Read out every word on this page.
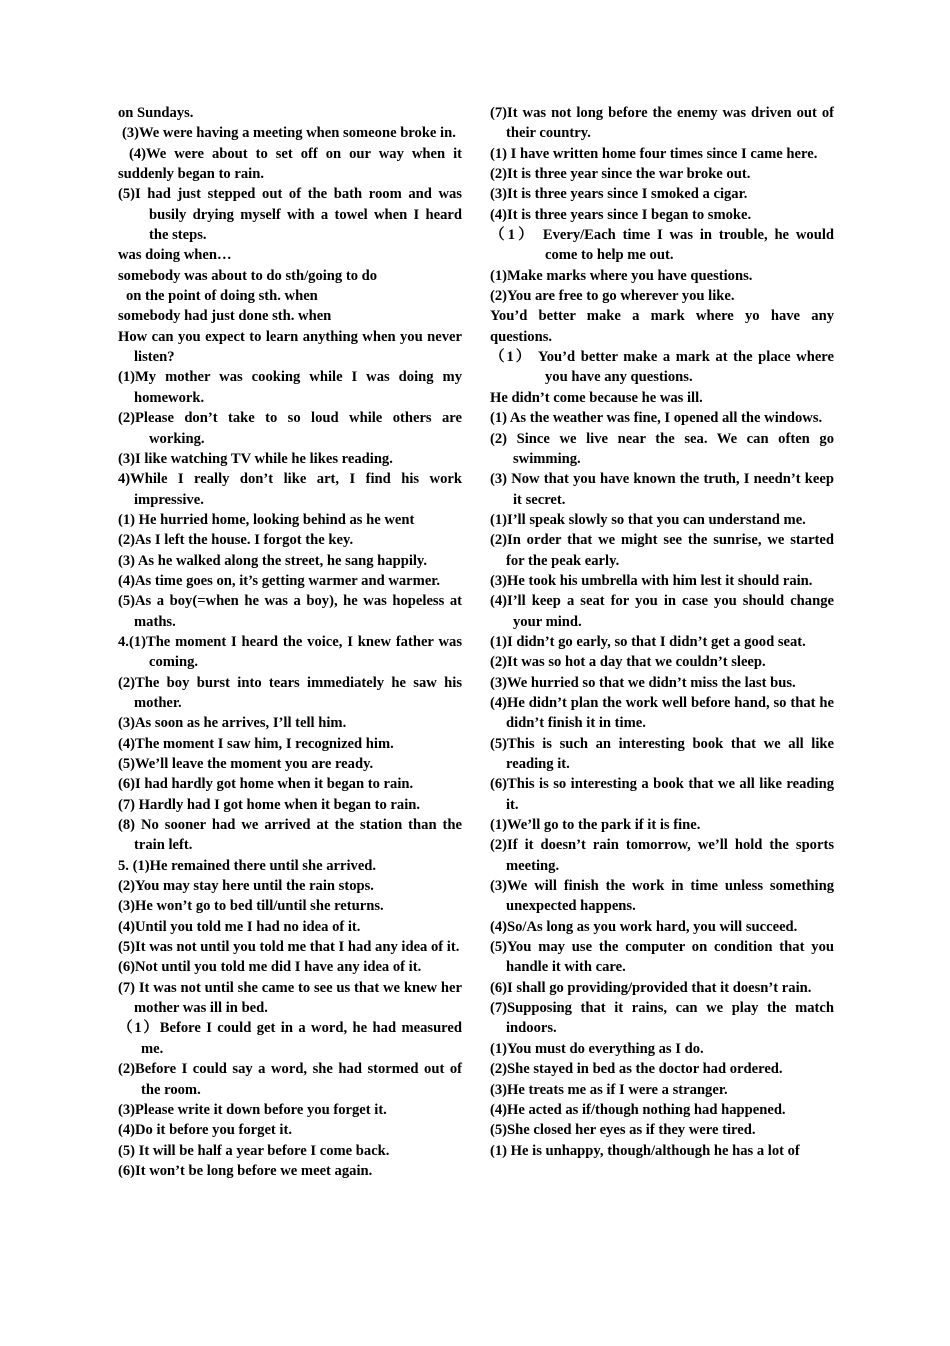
on Sundays.

(3)We were having a meeting when someone broke in.

(4)We were about to set off on our way when it suddenly began to rain.

(5)I had just stepped out of the bath room and was busily drying myself with a towel when I heard the steps.

was doing when…

somebody was about to do sth/going to do

on the point of doing sth. when

somebody had just done sth. when

How can you expect to learn anything when you never listen?

(1)My mother was cooking while I was doing my homework.

(2)Please don’t take to so loud while others are working.

(3)I like watching TV while he likes reading.

4)While I really don’t like art, I find his work impressive.

(1) He hurried home, looking behind as he went

(2)As I left the house. I forgot the key.

(3) As he walked along the street, he sang happily.

(4)As time goes on, it’s getting warmer and warmer.

(5)As a boy(=when he was a boy), he was hopeless at maths.

4.(1)The moment I heard the voice, I knew father was coming.

(2)The boy burst into tears immediately he saw his mother.

(3)As soon as he arrives, I’ll tell him.

(4)The moment I saw him, I recognized him.

(5)We’ll leave the moment you are ready.

(6)I had hardly got home when it began to rain.

(7) Hardly had I got home when it began to rain.

(8) No sooner had we arrived at the station than the train left.

5. (1)He remained there until she arrived.

(2)You may stay here until the rain stops.

(3)He won’t go to bed till/until she returns.

(4)Until you told me I had no idea of it.

(5)It was not until you told me that I had any idea of it.

(6)Not until you told me did I have any idea of it.

(7) It was not until she came to see us that we knew her mother was ill in bed.

（1）Before I could get in a word, he had measured me.

(2)Before I could say a word, she had stormed out of the room.

(3)Please write it down before you forget it.

(4)Do it before you forget it.

(5) It will be half a year before I come back.

(6)It won’t be long before we meet again.

(7)It was not long before the enemy was driven out of their country.

(1) I have written home four times since I came here.

(2)It is three year since the war broke out.

(3)It is three years since I smoked a cigar.

(4)It is three years since I began to smoke.

（1） Every/Each time I was in trouble, he would come to help me out.

(1)Make marks where you have questions.

(2)You are free to go wherever you like.

You’d better make a mark where yo have any questions.

（1） You’d better make a mark at the place where you have any questions.

He didn’t come because he was ill.

(1) As the weather was fine, I opened all the windows.

(2) Since we live near the sea. We can often go swimming.

(3) Now that you have known the truth, I needn’t keep it secret.

(1)I’ll speak slowly so that you can understand me.

(2)In order that we might see the sunrise, we started for the peak early.

(3)He took his umbrella with him lest it should rain.

(4)I’ll keep a seat for you in case you should change your mind.

(1)I didn’t go early, so that I didn’t get a good seat.

(2)It was so hot a day that we couldn’t sleep.

(3)We hurried so that we didn’t miss the last bus.

(4)He didn’t plan the work well before hand, so that he didn’t finish it in time.

(5)This is such an interesting book that we all like reading it.

(6)This is so interesting a book that we all like reading it.

(1)We’ll go to the park if it is fine.

(2)If it doesn’t rain tomorrow, we’ll hold the sports meeting.

(3)We will finish the work in time unless something unexpected happens.

(4)So/As long as you work hard, you will succeed.

(5)You may use the computer on condition that you handle it with care.

(6)I shall go providing/provided that it doesn’t rain.

(7)Supposing that it rains, can we play the match indoors.

(1)You must do everything as I do.

(2)She stayed in bed as the doctor had ordered.

(3)He treats me as if I were a stranger.

(4)He acted as if/though nothing had happened.

(5)She closed her eyes as if they were tired.

(1) He is unhappy, though/although he has a lot of
